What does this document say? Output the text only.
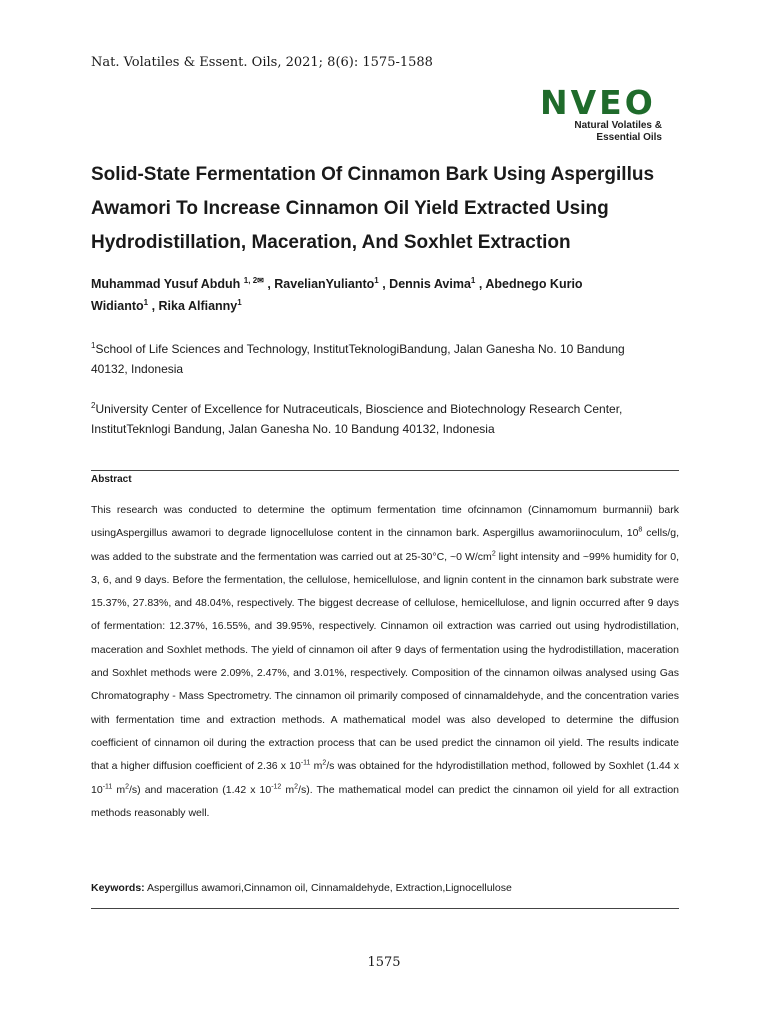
Nat. Volatiles & Essent. Oils, 2021; 8(6): 1575-1588
NVEO
Natural Volatiles &
Essential Oils
Solid-State Fermentation Of Cinnamon Bark Using Aspergillus
Awamori To Increase Cinnamon Oil Yield Extracted Using
Hydrodistillation, Maceration, And Soxhlet Extraction
Muhammad Yusuf Abduh $^{1, 2✉}$ , RavelianYulianto$^1$ , Dennis Avima$^1$ , Abednego Kurio
Widianto$^1$ , Rika Alfianny$^1$
$^1$School of Life Sciences and Technology, InstitutTeknologiBandung, Jalan Ganesha No. 10 Bandung
40132, Indonesia
$^2$University Center of Excellence for Nutraceuticals, Bioscience and Biotechnology Research Center,
InstitutTeknlogi Bandung, Jalan Ganesha No. 10 Bandung 40132, Indonesia
Abstract
This research was conducted to determine the optimum fermentation time ofcinnamon (Cinnamomum burmannii) bark usingAspergillus awamori to degrade lignocellulose content in the cinnamon bark. Aspergillus awamoriinoculum, $10^8$ cells/g, was added to the substrate and the fermentation was carried out at 25-30°C, ~0 $W/cm^2$ light intensity and ~99% humidity for 0, 3, 6, and 9 days. Before the fermentation, the cellulose, hemicellulose, and lignin content in the cinnamon bark substrate were 15.37%, 27.83%, and 48.04%, respectively. The biggest decrease of cellulose, hemicellulose, and lignin occurred after 9 days of fermentation: 12.37%, 16.55%, and 39.95%, respectively. Cinnamon oil extraction was carried out using hydrodistillation, maceration and Soxhlet methods. The yield of cinnamon oil after 9 days of fermentation using the hydrodistillation, maceration and Soxhlet methods were 2.09%, 2.47%, and 3.01%, respectively. Composition of the cinnamon oilwas analysed using Gas Chromatography - Mass Spectrometry. The cinnamon oil primarily composed of cinnamaldehyde, and the concentration varies with fermentation time and extraction methods. A mathematical model was also developed to determine the diffusion coefficient of cinnamon oil during the extraction process that can be used predict the cinnamon oil yield. The results indicate that a higher diffusion coefficient of 2.36 x $10^{-11}$ $m^2/s$ was obtained for the hdyrodistillation method, followed by Soxhlet (1.44 x $10^{-11}$ $m^2/s$) and maceration (1.42 x $10^{-12}$ $m^2/s$). The mathematical model can predict the cinnamon oil yield for all extraction methods reasonably well.
Keywords: Aspergillus awamori,Cinnamon oil, Cinnamaldehyde, Extraction,Lignocellulose
1575
